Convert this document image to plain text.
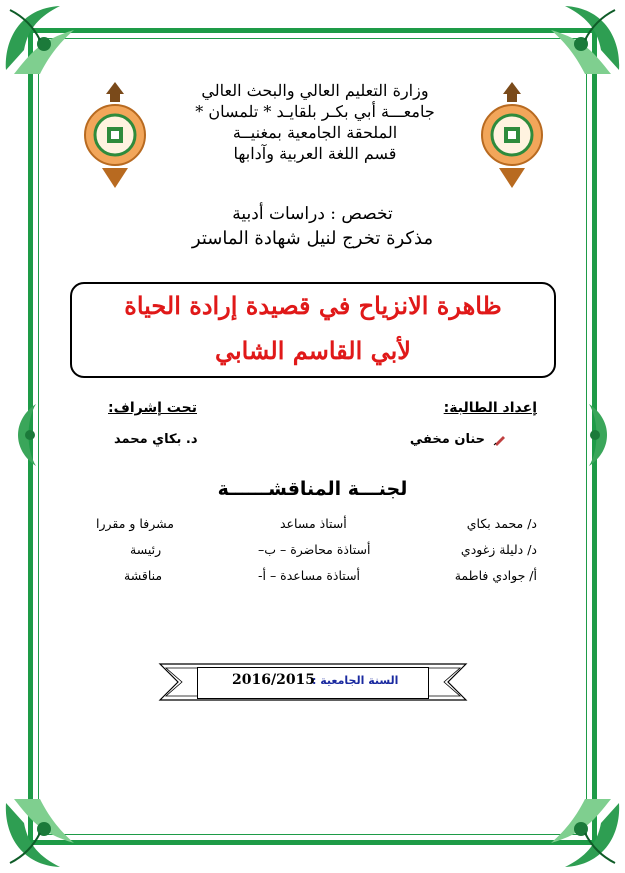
وزارة التعليم العالي والبحث العالي
جامعـــة أبي بكـر بلقايـد * تلمسان *
الملحقة الجامعية بمغنيــة
قسم اللغة العربية وآدابها
تخصص : دراسات أدبية
مذكرة تخرج لنيل شهادة الماستر
ظاهرة الانزياح في قصيدة إرادة الحياة
لأبي القاسم الشابي
إعداد الطالبة:
تحت إشراف:
حنان مخفي
د. بكاي محمد
لجنـــة المناقشــــــة
د/ محمد بكاي
أستاذ مساعد
مشرفا و مقررا
د/ دليلة زغودي
أستاذة محاضرة – ب–
رئيسة
أ/ جوادي فاطمة
أستاذة مساعدة – أ-
مناقشة
السنة الجامعية :
2016/2015
